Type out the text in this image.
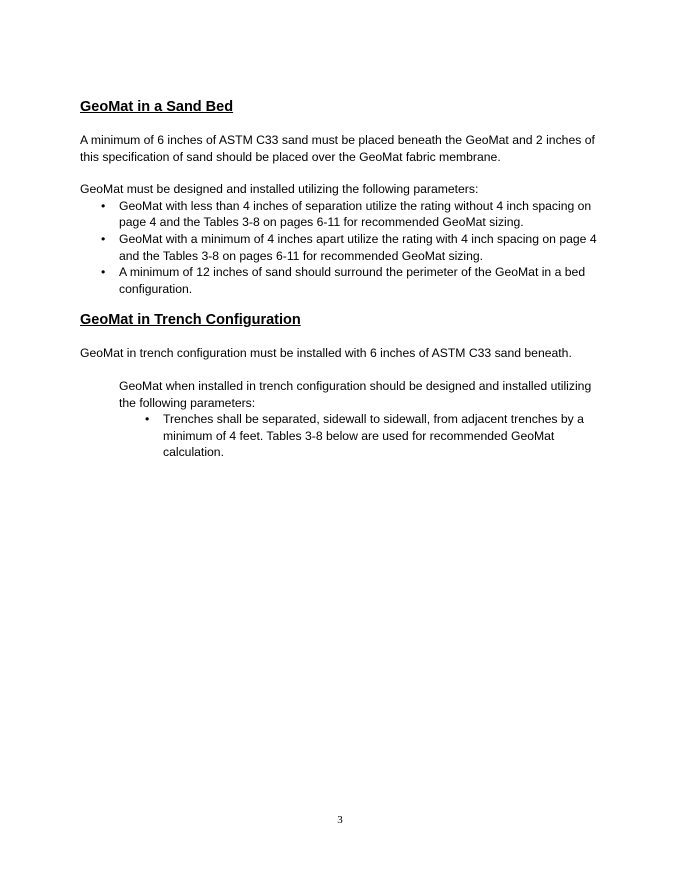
GeoMat in a Sand Bed

A minimum of 6 inches of ASTM C33 sand must be placed beneath the GeoMat and 2 inches of this specification of sand should be placed over the GeoMat fabric membrane.

GeoMat must be designed and installed utilizing the following parameters:

• GeoMat with less than 4 inches of separation utilize the rating without 4 inch spacing on page 4 and the Tables 3-8 on pages 6-11 for recommended GeoMat sizing.
• GeoMat with a minimum of 4 inches apart utilize the rating with 4 inch spacing on page 4 and the Tables 3-8 on pages 6-11 for recommended GeoMat sizing.
• A minimum of 12 inches of sand should surround the perimeter of the GeoMat in a bed configuration.
GeoMat in Trench Configuration

GeoMat in trench configuration must be installed with 6 inches of ASTM C33 sand beneath.

GeoMat when installed in trench configuration should be designed and installed utilizing the following parameters:

• Trenches shall be separated, sidewall to sidewall, from adjacent trenches by a minimum of 4 feet. Tables 3-8 below are used for recommended GeoMat calculation.
3
